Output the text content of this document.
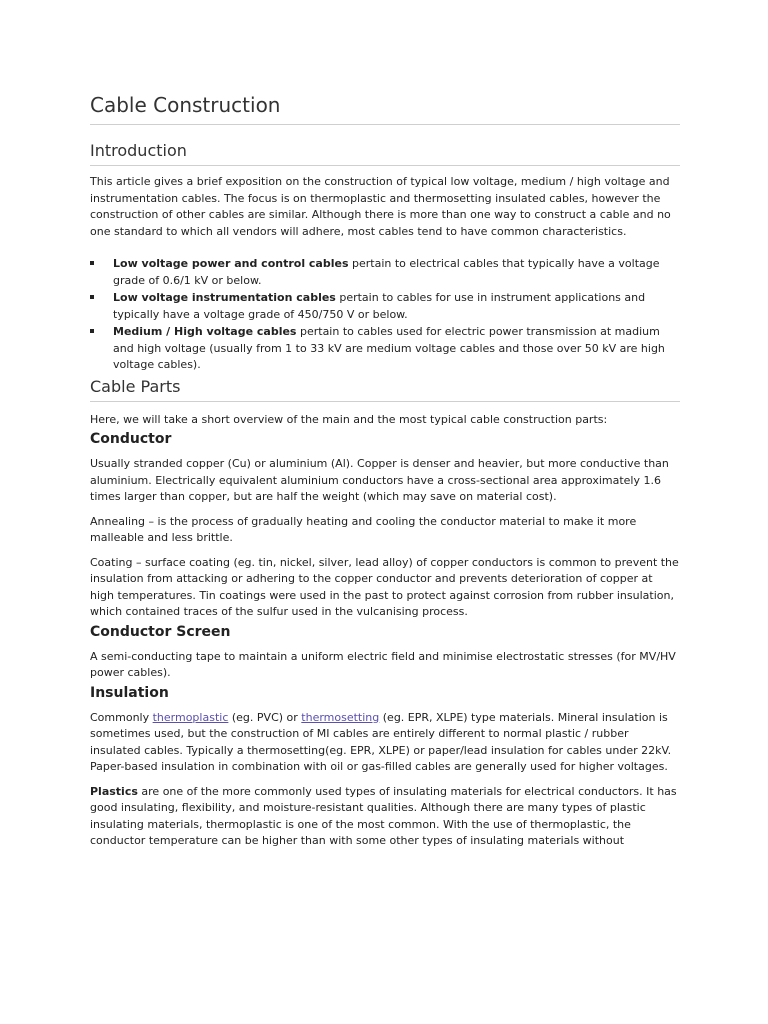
Cable Construction
Introduction

This article gives a brief exposition on the construction of typical low voltage, medium / high voltage and instrumentation cables. The focus is on thermoplastic and thermosetting insulated cables, however the construction of other cables are similar. Although there is more than one way to construct a cable and no one standard to which all vendors will adhere, most cables tend to have common characteristics.

Low voltage power and control cables pertain to electrical cables that typically have a voltage grade of 0.6/1 kV or below.
Low voltage instrumentation cables pertain to cables for use in instrument applications and typically have a voltage grade of 450/750 V or below.
Medium / High voltage cables pertain to cables used for electric power transmission at madium and high voltage (usually from 1 to 33 kV are medium voltage cables and those over 50 kV are high voltage cables).
Cable Parts

Here, we will take a short overview of the main and the most typical cable construction parts:

Conductor

Usually stranded copper (Cu) or aluminium (Al). Copper is denser and heavier, but more conductive than aluminium. Electrically equivalent aluminium conductors have a cross-sectional area approximately 1.6 times larger than copper, but are half the weight (which may save on material cost).

Annealing – is the process of gradually heating and cooling the conductor material to make it more malleable and less brittle.

Coating – surface coating (eg. tin, nickel, silver, lead alloy) of copper conductors is common to prevent the insulation from attacking or adhering to the copper conductor and prevents deterioration of copper at high temperatures. Tin coatings were used in the past to protect against corrosion from rubber insulation, which contained traces of the sulfur used in the vulcanising process.

Conductor Screen

A semi-conducting tape to maintain a uniform electric field and minimise electrostatic stresses (for MV/HV power cables).

Insulation

Commonly thermoplastic (eg. PVC) or thermosetting (eg. EPR, XLPE) type materials. Mineral insulation is sometimes used, but the construction of MI cables are entirely different to normal plastic / rubber insulated cables. Typically a thermosetting(eg. EPR, XLPE) or paper/lead insulation for cables under 22kV. Paper-based insulation in combination with oil or gas-filled cables are generally used for higher voltages.

Plastics are one of the more commonly used types of insulating materials for electrical conductors. It has good insulating, flexibility, and moisture-resistant qualities. Although there are many types of plastic insulating materials, thermoplastic is one of the most common. With the use of thermoplastic, the conductor temperature can be higher than with some other types of insulating materials without
